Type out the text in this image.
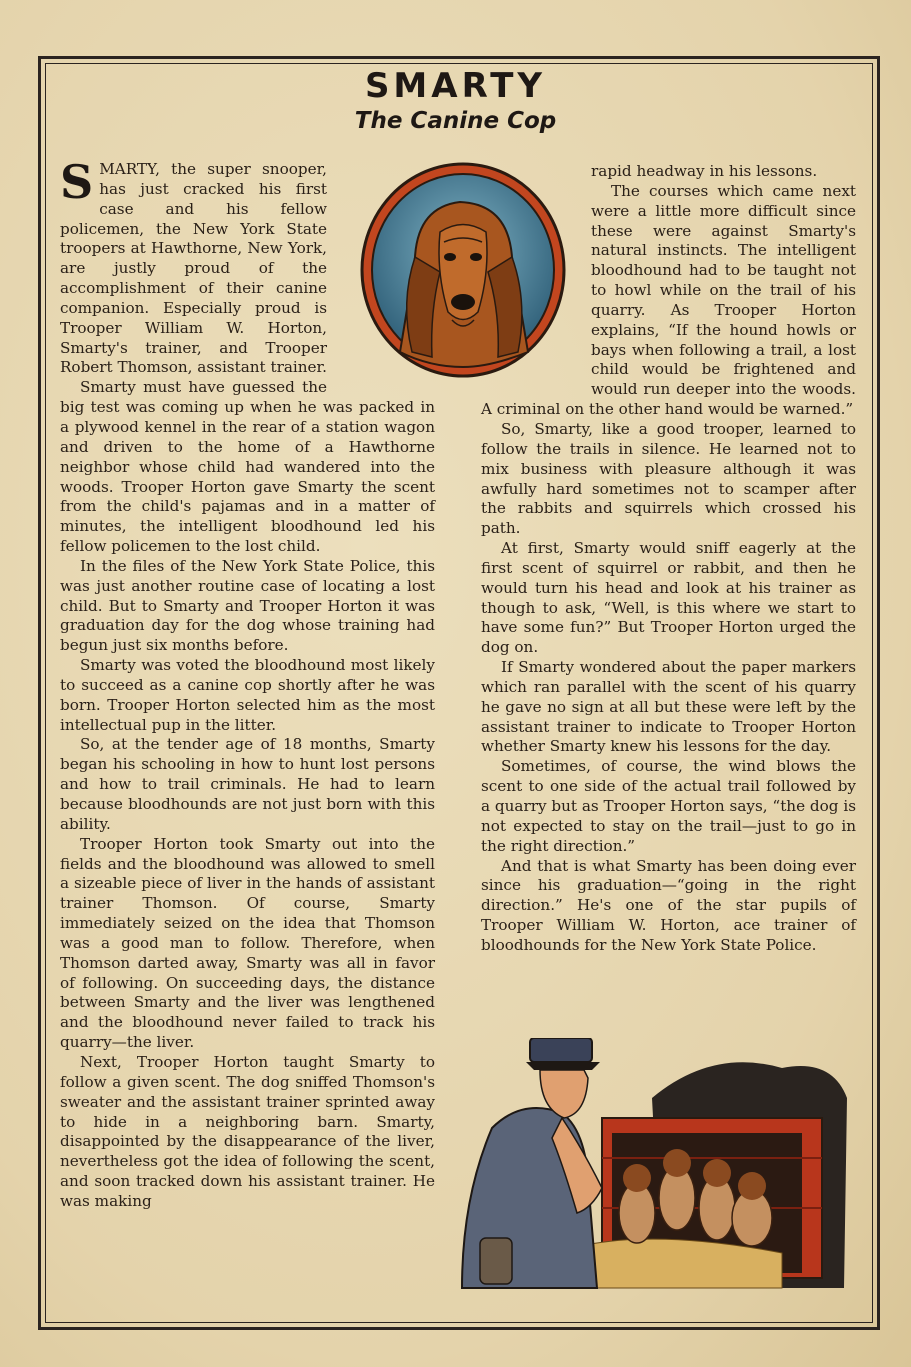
SMARTY
The Canine Cop

SMARTY, the super snooper, has just cracked his first case and his fellow policemen, the New York State troopers at Hawthorne, New York, are justly proud of the accomplishment of their canine companion. Especially proud is Trooper William W. Horton, Smarty's trainer, and Trooper Robert Thomson, assistant trainer.

Smarty must have guessed the big test was coming up when he was packed in a plywood kennel in the rear of a station wagon and driven to the home of a Hawthorne neighbor whose child had wandered into the woods. Trooper Horton gave Smarty the scent from the child's pajamas and in a matter of minutes, the intelligent bloodhound led his fellow policemen to the lost child.

In the files of the New York State Police, this was just another routine case of locating a lost child. But to Smarty and Trooper Horton it was graduation day for the dog whose training had begun just six months before.

Smarty was voted the bloodhound most likely to succeed as a canine cop shortly after he was born. Trooper Horton selected him as the most intellectual pup in the litter.

So, at the tender age of 18 months, Smarty began his schooling in how to hunt lost persons and how to trail criminals. He had to learn because bloodhounds are not just born with this ability.

Trooper Horton took Smarty out into the fields and the bloodhound was allowed to smell a sizeable piece of liver in the hands of assistant trainer Thomson. Of course, Smarty immediately seized on the idea that Thomson was a good man to follow. Therefore, when Thomson darted away, Smarty was all in favor of following. On succeeding days, the distance between Smarty and the liver was lengthened and the bloodhound never failed to track his quarry—the liver.

Next, Trooper Horton taught Smarty to follow a given scent. The dog sniffed Thomson's sweater and the assistant trainer sprinted away to hide in a neighboring barn. Smarty, disappointed by the disappearance of the liver, nevertheless got the idea of following the scent, and soon tracked down his assistant trainer. He was making

rapid headway in his lessons.

The courses which came next were a little more difficult since these were against Smarty's natural instincts. The intelligent bloodhound had to be taught not to howl while on the trail of his quarry. As Trooper Horton explains, “If the hound howls or bays when following a trail, a lost child would be frightened and would run deeper into the woods. A criminal on the other hand would be warned.”

So, Smarty, like a good trooper, learned to follow the trails in silence. He learned not to mix business with pleasure although it was awfully hard sometimes not to scamper after the rabbits and squirrels which crossed his path.

At first, Smarty would sniff eagerly at the first scent of squirrel or rabbit, and then he would turn his head and look at his trainer as though to ask, “Well, is this where we start to have some fun?” But Trooper Horton urged the dog on.

If Smarty wondered about the paper markers which ran parallel with the scent of his quarry he gave no sign at all but these were left by the assistant trainer to indicate to Trooper Horton whether Smarty knew his lessons for the day.

Sometimes, of course, the wind blows the scent to one side of the actual trail followed by a quarry but as Trooper Horton says, “the dog is not expected to stay on the trail—just to go in the right direction.”

And that is what Smarty has been doing ever since his graduation—“going in the right direction.” He's one of the star pupils of Trooper William W. Horton, ace trainer of bloodhounds for the New York State Police.
